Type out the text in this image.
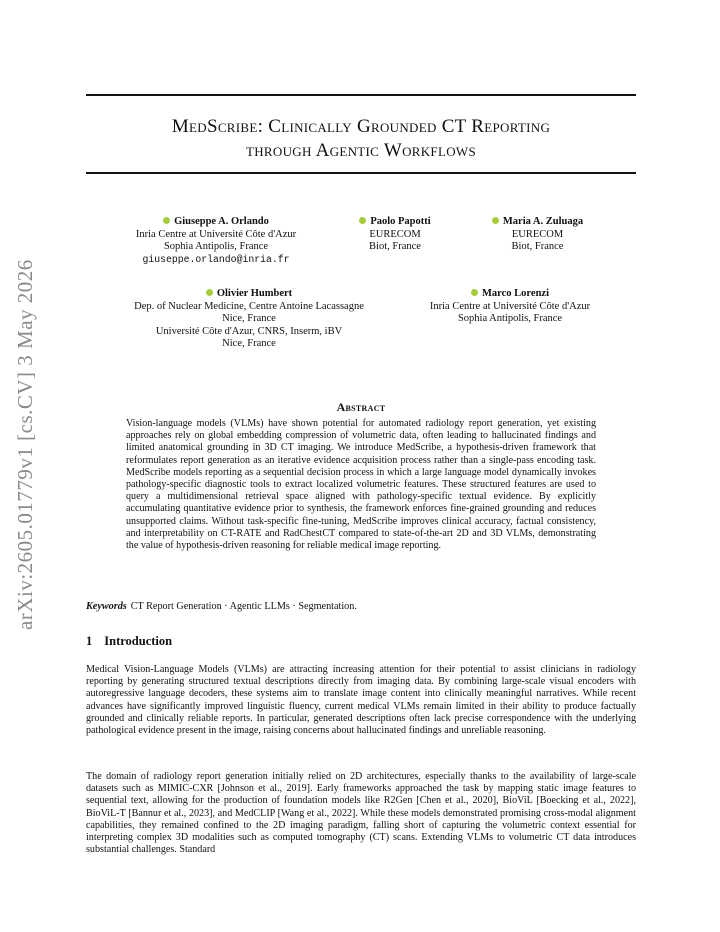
arXiv:2605.01779v1 [cs.CV] 3 May 2026
MedScribe: Clinically Grounded CT Reporting
through Agentic Workflows
Giuseppe A. Orlando
Inria Centre at Université Côte d'Azur
Sophia Antipolis, France
giuseppe.orlando@inria.fr
Paolo Papotti
EURECOM
Biot, France
Maria A. Zuluaga
EURECOM
Biot, France
Olivier Humbert
Dep. of Nuclear Medicine, Centre Antoine Lacassagne
Nice, France
Université Côte d'Azur, CNRS, Inserm, iBV
Nice, France
Marco Lorenzi
Inria Centre at Université Côte d'Azur
Sophia Antipolis, France
Abstract
Vision-language models (VLMs) have shown potential for automated radiology report generation, yet existing approaches rely on global embedding compression of volumetric data, often leading to hallucinated findings and limited anatomical grounding in 3D CT imaging. We introduce MedScribe, a hypothesis-driven framework that reformulates report generation as an iterative evidence acquisition process rather than a single-pass encoding task. MedScribe models reporting as a sequential decision process in which a large language model dynamically invokes pathology-specific diagnostic tools to extract localized volumetric features. These structured features are used to query a multidimensional retrieval space aligned with pathology-specific textual evidence. By explicitly accumulating quantitative evidence prior to synthesis, the framework enforces fine-grained grounding and reduces unsupported claims. Without task-specific fine-tuning, MedScribe improves clinical accuracy, factual consistency, and interpretability on CT-RATE and RadChestCT compared to state-of-the-art 2D and 3D VLMs, demonstrating the value of hypothesis-driven reasoning for reliable medical image reporting.
Keywords CT Report Generation · Agentic LLMs · Segmentation.
1 Introduction
Medical Vision-Language Models (VLMs) are attracting increasing attention for their potential to assist clinicians in radiology reporting by generating structured textual descriptions directly from imaging data. By combining large-scale visual encoders with autoregressive language decoders, these systems aim to translate image content into clinically meaningful narratives. While recent advances have significantly improved linguistic fluency, current medical VLMs remain limited in their ability to produce factually grounded and clinically reliable reports. In particular, generated descriptions often lack precise correspondence with the underlying pathological evidence present in the image, raising concerns about hallucinated findings and unreliable reasoning.
The domain of radiology report generation initially relied on 2D architectures, especially thanks to the availability of large-scale datasets such as MIMIC-CXR [Johnson et al., 2019]. Early frameworks approached the task by mapping static image features to sequential text, allowing for the production of foundation models like R2Gen [Chen et al., 2020], BioViL [Boecking et al., 2022], BioViL-T [Bannur et al., 2023], and MedCLIP [Wang et al., 2022]. While these models demonstrated promising cross-modal alignment capabilities, they remained confined to the 2D imaging paradigm, falling short of capturing the volumetric context essential for interpreting complex 3D modalities such as computed tomography (CT) scans. Extending VLMs to volumetric CT data introduces substantial challenges. Standard
